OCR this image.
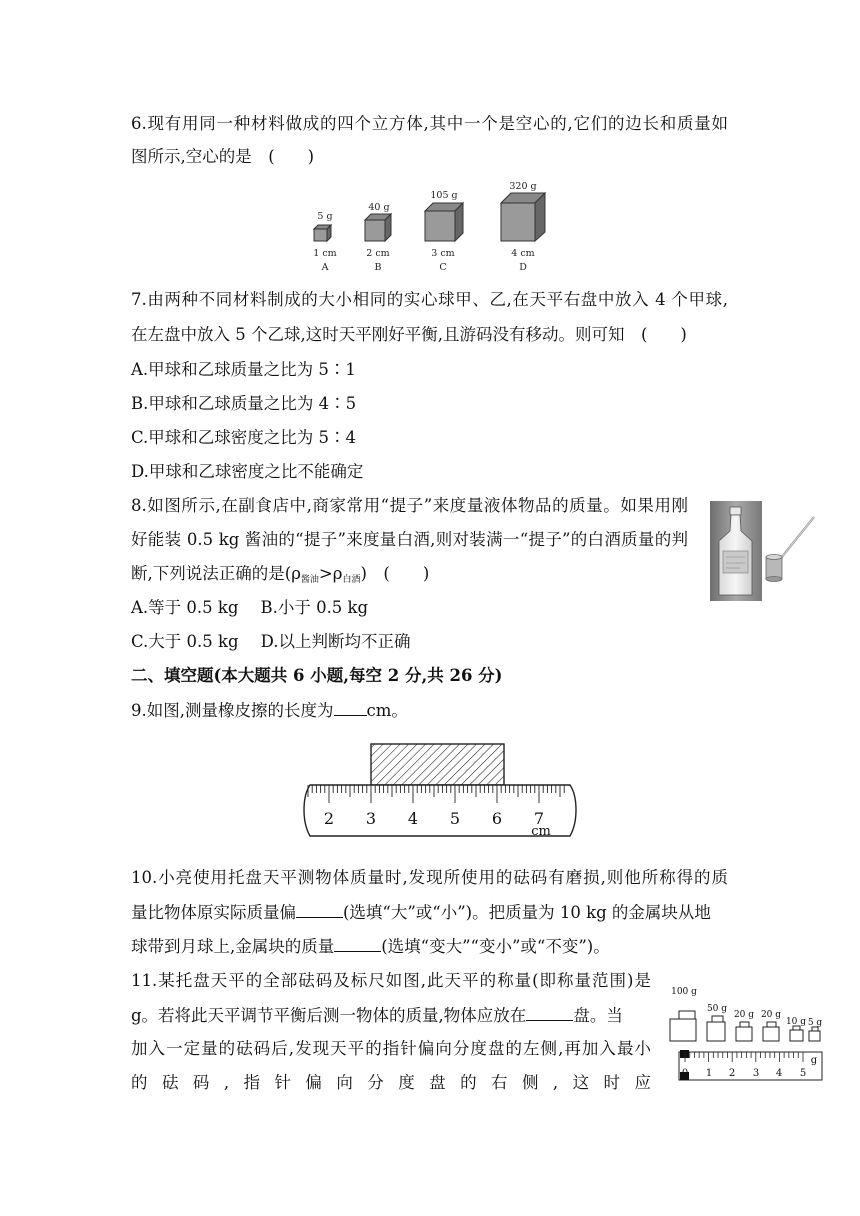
6.现有用同一种材料做成的四个立方体,其中一个是空心的,它们的边长和质量如
图所示,空心的是　(　　)
5 g
40 g
105 g
320 g
1 cm	2 cm	3 cm	4 cm
A	B	C	D
7.由两种不同材料制成的大小相同的实心球甲、乙,在天平右盘中放入 4 个甲球,
在左盘中放入 5 个乙球,这时天平刚好平衡,且游码没有移动。则可知　(　　)
A.甲球和乙球质量之比为 5∶1
B.甲球和乙球质量之比为 4∶5
C.甲球和乙球密度之比为 5∶4
D.甲球和乙球密度之比不能确定
8.如图所示,在副食店中,商家常用“提子”来度量液体物品的质量。如果用刚
好能装 0.5 kg 酱油的“提子”来度量白酒,则对装满一“提子”的白酒质量的判
断,下列说法正确的是$(\rho_{酱油}>\rho_{白酒})$　(　　)
A.等于 0.5 kg B.小于 0.5 kg
C.大于 0.5 kg D.以上判断均不正确
二、填空题(本大题共 6 小题,每空 2 分,共 26 分)
9.如图,测量橡皮擦的长度为 cm。
2 3 4 5 6 7
cm
10.小亮使用托盘天平测物体质量时,发现所使用的砝码有磨损,则他所称得的质
量比物体原实际质量偏	(选填“大”或“小”)。把质量为 10 kg 的金属块从地
球带到月球上,金属块的质量	(选填“变大”“变小”或“不变”)。
11.某托盘天平的全部砝码及标尺如图,此天平的称量(即称量范围)是
g。若将此天平调节平衡后测一物体的质量,物体应放在	盘。当
加入一定量的砝码后,发现天平的指针偏向分度盘的左侧,再加入最小
的砝码,指针偏向分度盘的右侧,这时应
100 g
50 g
20 g 20 g
10 g 5 g
0 1 2 3 4 5
g
